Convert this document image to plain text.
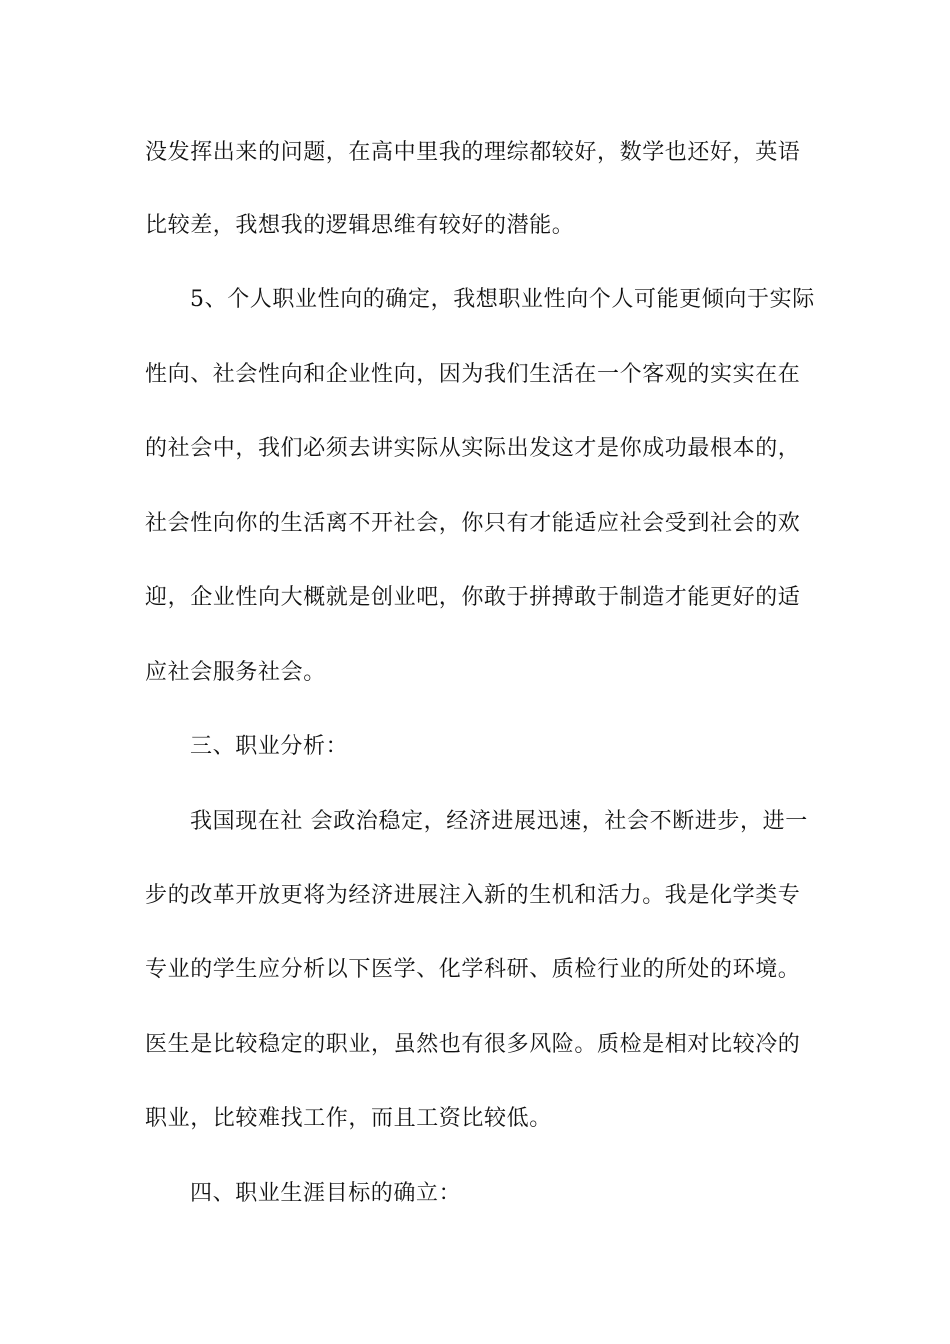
没发挥出来的问题，在高中里我的理综都较好，数学也还好，英语
比较差，我想我的逻辑思维有较好的潜能。
5、个人职业性向的确定，我想职业性向个人可能更倾向于实际
性向、社会性向和企业性向，因为我们生活在一个客观的实实在在
的社会中，我们必须去讲实际从实际出发这才是你成功最根本的，
社会性向你的生活离不开社会，你只有才能适应社会受到社会的欢
迎，企业性向大概就是创业吧，你敢于拼搏敢于制造才能更好的适
应社会服务社会。
三、职业分析：
我国现在社 会政治稳定，经济进展迅速，社会不断进步，进一
步的改革开放更将为经济进展注入新的生机和活力。我是化学类专
专业的学生应分析以下医学、化学科研、质检行业的所处的环境。
医生是比较稳定的职业，虽然也有很多风险。质检是相对比较冷的
职业，比较难找工作，而且工资比较低。
四、职业生涯目标的确立：
